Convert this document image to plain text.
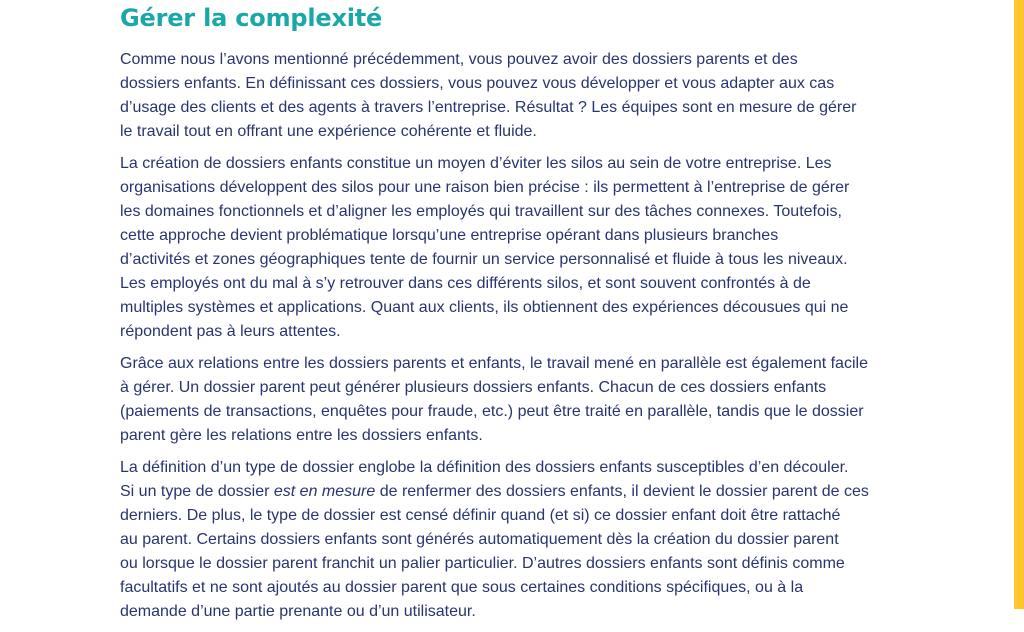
Gérer la complexité

Comme nous l’avons mentionné précédemment, vous pouvez avoir des dossiers parents et des
dossiers enfants. En définissant ces dossiers, vous pouvez vous développer et vous adapter aux cas
d’usage des clients et des agents à travers l’entreprise. Résultat ? Les équipes sont en mesure de gérer
le travail tout en offrant une expérience cohérente et fluide.

La création de dossiers enfants constitue un moyen d’éviter les silos au sein de votre entreprise. Les
organisations développent des silos pour une raison bien précise : ils permettent à l’entreprise de gérer
les domaines fonctionnels et d’aligner les employés qui travaillent sur des tâches connexes. Toutefois,
cette approche devient problématique lorsqu’une entreprise opérant dans plusieurs branches
d’activités et zones géographiques tente de fournir un service personnalisé et fluide à tous les niveaux.
Les employés ont du mal à s’y retrouver dans ces différents silos, et sont souvent confrontés à de
multiples systèmes et applications. Quant aux clients, ils obtiennent des expériences décousues qui ne
répondent pas à leurs attentes.

Grâce aux relations entre les dossiers parents et enfants, le travail mené en parallèle est également facile
à gérer. Un dossier parent peut générer plusieurs dossiers enfants. Chacun de ces dossiers enfants
(paiements de transactions, enquêtes pour fraude, etc.) peut être traité en parallèle, tandis que le dossier
parent gère les relations entre les dossiers enfants.

La définition d’un type de dossier englobe la définition des dossiers enfants susceptibles d’en découler.
Si un type de dossier est en mesure de renfermer des dossiers enfants, il devient le dossier parent de ces
derniers. De plus, le type de dossier est censé définir quand (et si) ce dossier enfant doit être rattaché
au parent. Certains dossiers enfants sont générés automatiquement dès la création du dossier parent
ou lorsque le dossier parent franchit un palier particulier. D’autres dossiers enfants sont définis comme
facultatifs et ne sont ajoutés au dossier parent que sous certaines conditions spécifiques, ou à la
demande d’une partie prenante ou d’un utilisateur.
